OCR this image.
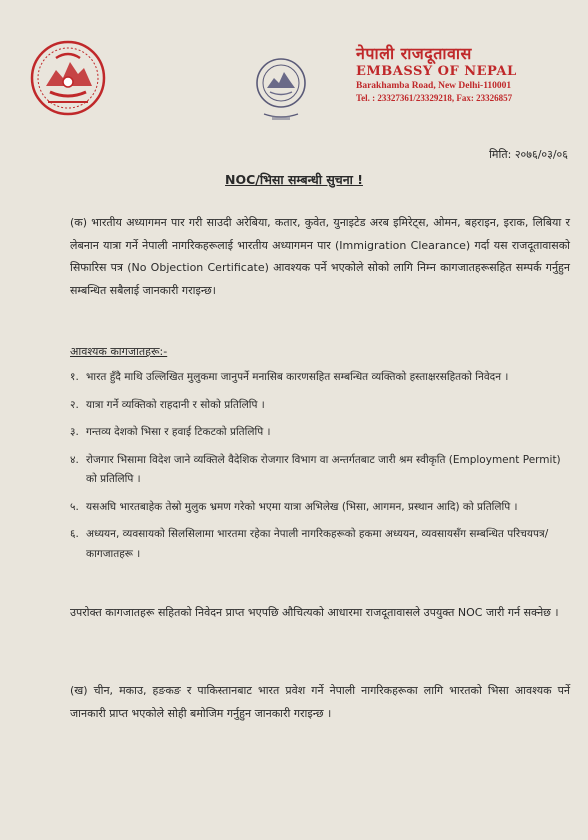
नेपाली राजदूतावास
EMBASSY OF NEPAL
Barakhamba Road, New Delhi-110001
Tel. : 23327361/23329218, Fax: 23326857
मिति: २०७६/०३/०६
NOC/भिसा सम्बन्धी सुचना !
(क) भारतीय अध्यागमन पार गरी साउदी अरेबिया, कतार, कुवेत, युनाइटेड अरब इमिरेट्स, ओमन, बहराइन, इराक, लिबिया र लेबनान यात्रा गर्ने नेपाली नागरिकहरूलाई भारतीय अध्यागमन पार (Immigration Clearance) गर्दा यस राजदूतावासको सिफारिस पत्र (No Objection Certificate) आवश्यक पर्ने भएकोले सोको लागि निम्न कागजातहरूसहित सम्पर्क गर्नुहुन सम्बन्धित सबैलाई जानकारी गराइन्छ।
आवश्यक कागजातहरू:-
१. भारत हुँदै माथि उल्लिखित मुलुकमा जानुपर्ने मनासिब कारणसहित सम्बन्धित व्यक्तिको हस्ताक्षरसहितको निवेदन ।
२. यात्रा गर्ने व्यक्तिको राहदानी र सोको प्रतिलिपि ।
३. गन्तव्य देशको भिसा र हवाई टिकटको प्रतिलिपि ।
४. रोजगार भिसामा विदेश जाने व्यक्तिले वैदेशिक रोजगार विभाग वा अन्तर्गतबाट जारी श्रम स्वीकृति (Employment Permit) को प्रतिलिपि ।
५. यसअघि भारतबाहेक तेस्रो मुलुक भ्रमण गरेको भएमा यात्रा अभिलेख (भिसा, आगमन, प्रस्थान आदि) को प्रतिलिपि ।
६. अध्ययन, व्यवसायको सिलसिलामा भारतमा रहेका नेपाली नागरिकहरूको हकमा अध्ययन, व्यवसायसँग सम्बन्धित परिचयपत्र/कागजातहरू ।
उपरोक्त कागजातहरू सहितको निवेदन प्राप्त भएपछि औचित्यको आधारमा राजदूतावासले उपयुक्त NOC जारी गर्न सक्नेछ ।
(ख) चीन, मकाउ, हङकङ र पाकिस्तानबाट भारत प्रवेश गर्ने नेपाली नागरिकहरूका लागि भारतको भिसा आवश्यक पर्ने जानकारी प्राप्त भएकोले सोही बमोजिम गर्नुहुन जानकारी गराइन्छ ।
